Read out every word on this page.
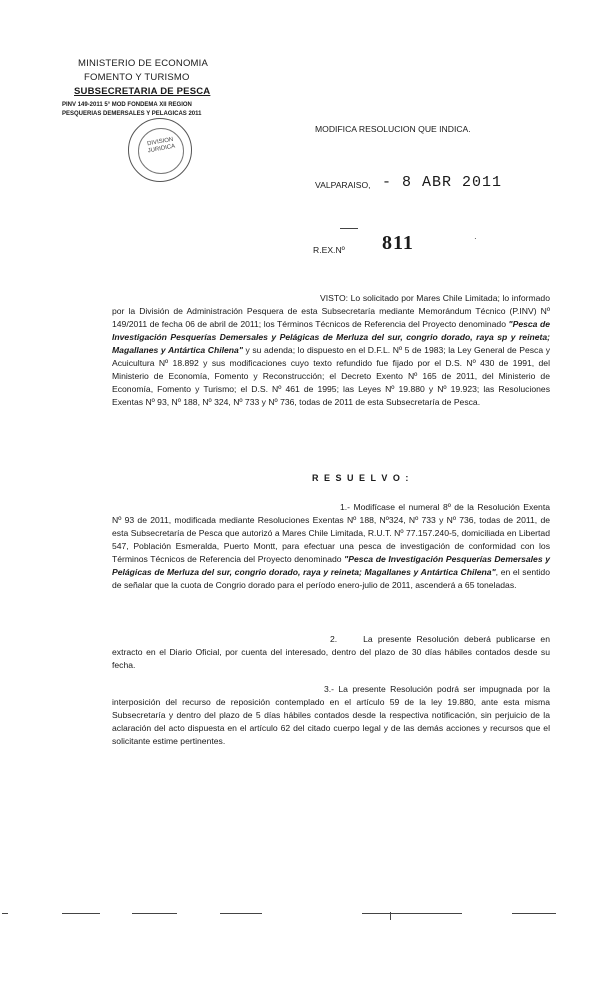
MINISTERIO DE ECONOMIA
FOMENTO Y TURISMO
SUBSECRETARIA DE PESCA
PINV 149-2011 5° MOD FONDEMA XII REGION
PESQUERIAS DEMERSALES Y PELAGICAS 2011
DIVISION JURIDICA
MODIFICA RESOLUCION QUE INDICA.
VALPARAISO, - 8 ABR 2011
R.EX.Nº 811	·
VISTO: Lo solicitado por Mares Chile Limitada; lo informado por la División de Administración Pesquera de esta Subsecretaría mediante Memorándum Técnico (P.INV) Nº 149/2011 de fecha 06 de abril de 2011; los Términos Técnicos de Referencia del Proyecto denominado "Pesca de Investigación Pesquerías Demersales y Pelágicas de Merluza del sur, congrio dorado, raya sp y reineta; Magallanes y Antártica Chilena" y su adenda; lo dispuesto en el D.F.L. Nº 5 de 1983; la Ley General de Pesca y Acuicultura Nº 18.892 y sus modificaciones cuyo texto refundido fue fijado por el D.S. Nº 430 de 1991, del Ministerio de Economía, Fomento y Reconstrucción; el Decreto Exento Nº 165 de 2011, del Ministerio de Economía, Fomento y Turismo; el D.S. Nº 461 de 1995; las Leyes Nº 19.880 y Nº 19.923; las Resoluciones Exentas Nº 93, Nº 188, Nº 324, Nº 733 y Nº 736, todas de 2011 de esta Subsecretaría de Pesca.
R E S U E L V O :
1.- Modifícase el numeral 8º de la Resolución Exenta Nº 93 de 2011, modificada mediante Resoluciones Exentas Nº 188, Nº324, Nº 733 y Nº 736, todas de 2011, de esta Subsecretaría de Pesca que autorizó a Mares Chile Limitada, R.U.T. Nº 77.157.240-5, domiciliada en Libertad 547, Población Esmeralda, Puerto Montt, para efectuar una pesca de investigación de conformidad con los Términos Técnicos de Referencia del Proyecto denominado "Pesca de Investigación Pesquerías Demersales y Pelágicas de Merluza del sur, congrio dorado, raya y reineta; Magallanes y Antártica Chilena", en el sentido de señalar que la cuota de Congrio dorado para el período enero-julio de 2011, ascenderá a 65 toneladas.
2.	La presente Resolución deberá publicarse en extracto en el Diario Oficial, por cuenta del interesado, dentro del plazo de 30 días hábiles contados desde su fecha.
3.- La presente Resolución podrá ser impugnada por la interposición del recurso de reposición contemplado en el artículo 59 de la ley 19.880, ante esta misma Subsecretaría y dentro del plazo de 5 días hábiles contados desde la respectiva notificación, sin perjuicio de la aclaración del acto dispuesta en el artículo 62 del citado cuerpo legal y de las demás acciones y recursos que el solicitante estime pertinentes.
